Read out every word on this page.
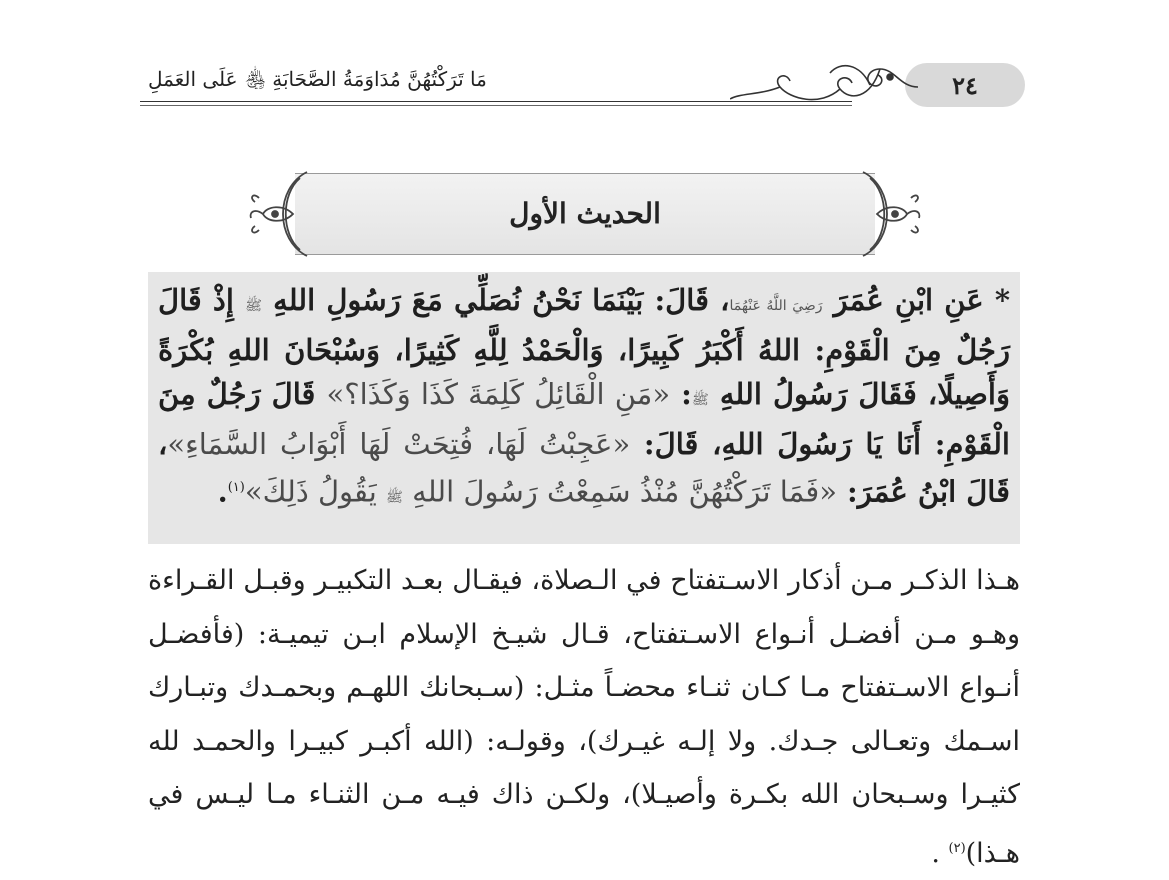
٢٤
مَا تَرَكْتُهُنَّ مُدَاوَمَةُ الصَّحَابَةِ ﵃ عَلَى العَمَلِ
الحديث الأول
* عَنِ ابْنِ عُمَرَ رَضِيَ اللَّهُ عَنْهُمَا، قَالَ: بَيْنَمَا نَحْنُ نُصَلِّي مَعَ رَسُولِ اللهِ ﷺ إِذْ قَالَ رَجُلٌ مِنَ الْقَوْمِ: اللهُ أَكْبَرُ كَبِيرًا، وَالْحَمْدُ لِلَّهِ كَثِيرًا، وَسُبْحَانَ اللهِ بُكْرَةً وَأَصِيلًا، فَقَالَ رَسُولُ اللهِ ﷺ: «مَنِ الْقَائِلُ كَلِمَةَ كَذَا وَكَذَا؟» قَالَ رَجُلٌ مِنَ الْقَوْمِ: أَنَا يَا رَسُولَ اللهِ، قَالَ: «عَجِبْتُ لَهَا، فُتِحَتْ لَهَا أَبْوَابُ السَّمَاءِ»، قَالَ ابْنُ عُمَرَ: «فَمَا تَرَكْتُهُنَّ مُنْذُ سَمِعْتُ رَسُولَ اللهِ ﷺ يَقُولُ ذَلِكَ»$^{(١)}$.
هـذا الذكـر مـن أذكار الاسـتفتاح في الـصلاة، فيقـال بعـد التكبيـر وقبـل القـراءة وهـو مـن أفضـل أنـواع الاسـتفتاح، قـال شيـخ الإسلام ابـن تيميـة: (فأفضـل أنـواع الاسـتفتاح مـا كـان ثنـاء محضـاً مثـل: (سـبحانك اللهـم وبحمـدك وتبـارك اسـمك وتعـالى جـدك. ولا إلـه غيـرك)، وقولـه: (الله أكبـر كبيـرا والحمـد لله كثيـرا وسـبحان الله بكـرة وأصيـلا)، ولكـن ذاك فيـه مـن الثنـاء مـا ليـس في هـذا)$^{(٢)}$ .
